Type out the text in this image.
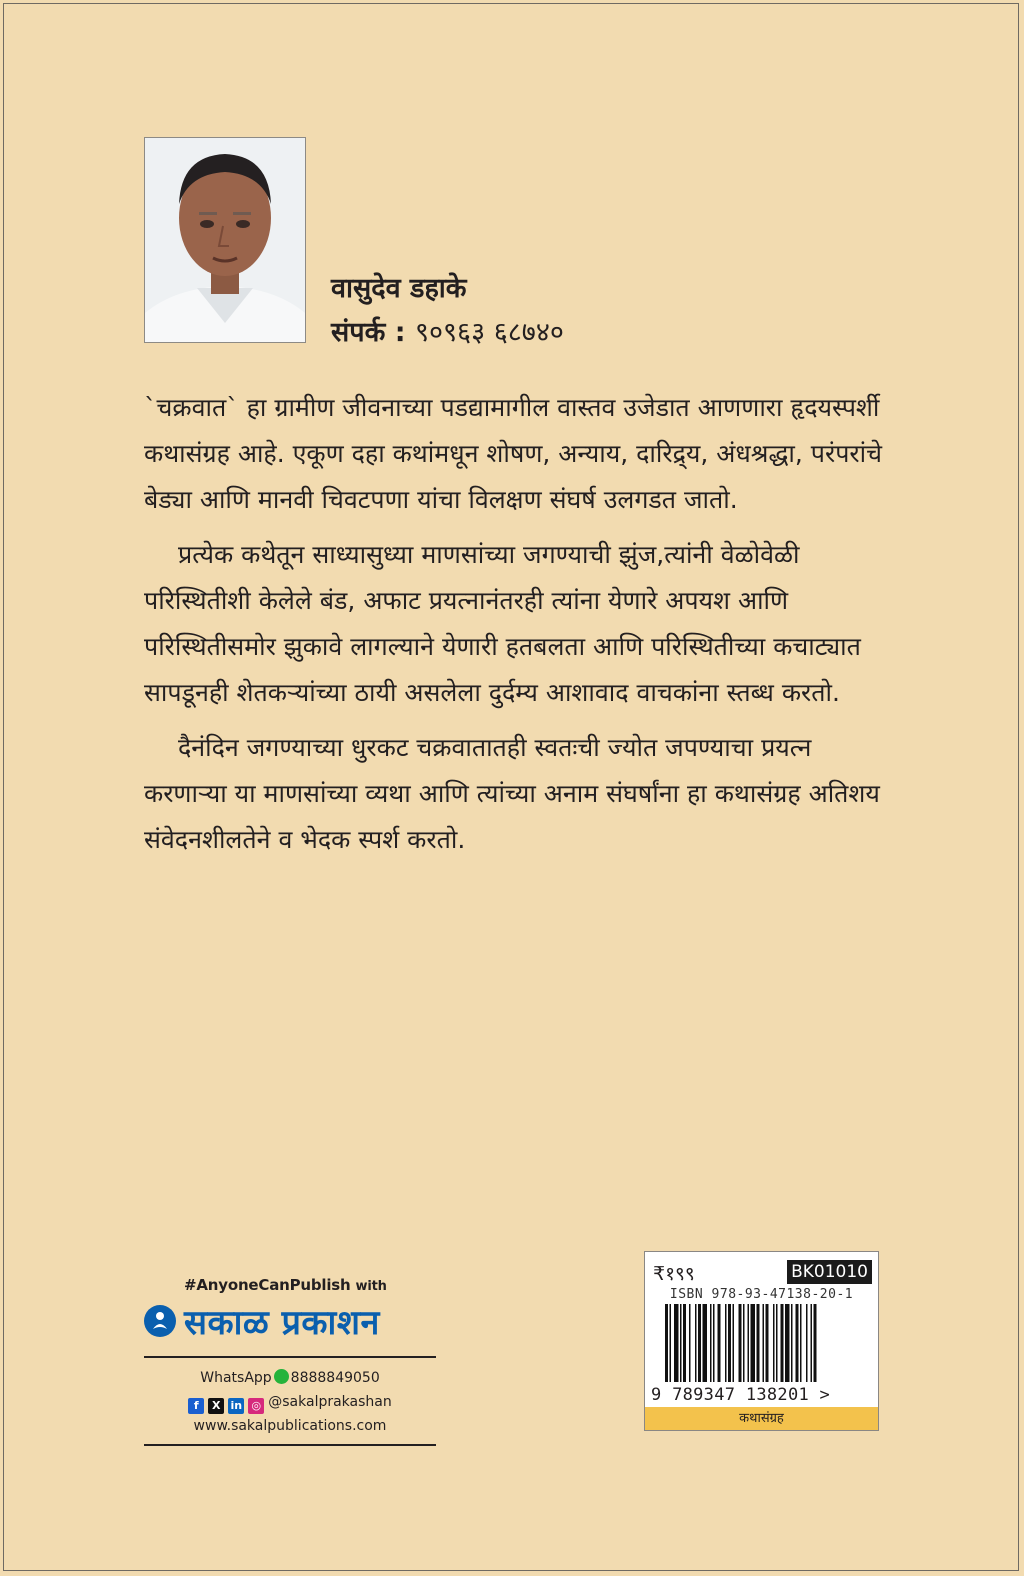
वासुदेव डहाके
संपर्क : ९०९६३ ६८७४०

`चक्रवात` हा ग्रामीण जीवनाच्या पडद्यामागील वास्तव उजेडात आणणारा हृदयस्पर्शी कथासंग्रह आहे. एकूण दहा कथांमधून शोषण, अन्याय, दारिद्र्य, अंधश्रद्धा, परंपरांचे बेड्या आणि मानवी चिवटपणा यांचा विलक्षण संघर्ष उलगडत जातो.

प्रत्येक कथेतून साध्यासुध्या माणसांच्या जगण्याची झुंज,त्यांनी वेळोवेळी परिस्थितीशी केलेले बंड, अफाट प्रयत्नानंतरही त्यांना येणारे अपयश आणि परिस्थितीसमोर झुकावे लागल्याने येणारी हतबलता आणि परिस्थितीच्या कचाट्यात सापडूनही शेतकऱ्यांच्या ठायी असलेला दुर्दम्य आशावाद वाचकांना स्तब्ध करतो.

दैनंदिन जगण्याच्या धुरकट चक्रवातातही स्वतःची ज्योत जपण्याचा प्रयत्न करणाऱ्या या माणसांच्या व्यथा आणि त्यांच्या अनाम संघर्षांना हा कथासंग्रह अतिशय संवेदनशीलतेने व भेदक स्पर्श करतो.

#AnyoneCanPublish with
सकाळ प्रकाशन
WhatsApp 8888849050
f X in ◎ @sakalprakashan
www.sakalpublications.com
₹१९९	BK01010
ISBN 978-93-47138-20-1
9 789347 138201 >
कथासंग्रह
